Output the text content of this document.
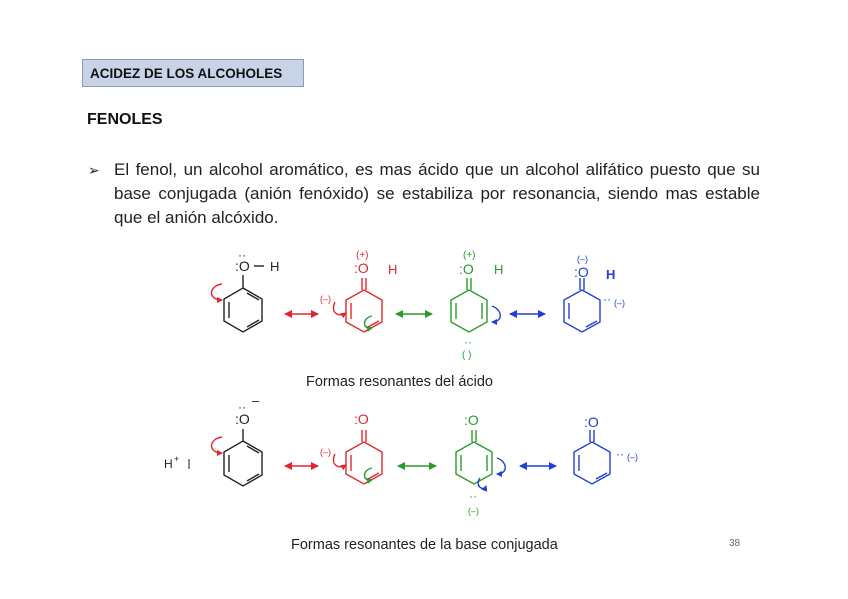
ACIDEZ DE LOS ALCOHOLES
FENOLES
➢ El fenol, un alcohol aromático, es mas ácido que un alcohol alifático puesto que su base conjugada (anión fenóxido) se estabiliza por resonancia, siendo mas estable que el anión alcóxido.
:O
··
H
(+)
:O H
(–)
(+)
:O H
··
( )
(–)
:O H
·· (–)
H +
:O
·· –
:O
(–)
:O
··
(–)
:O
·· (–)
Formas resonantes del ácido
Formas resonantes de la base conjugada	38
